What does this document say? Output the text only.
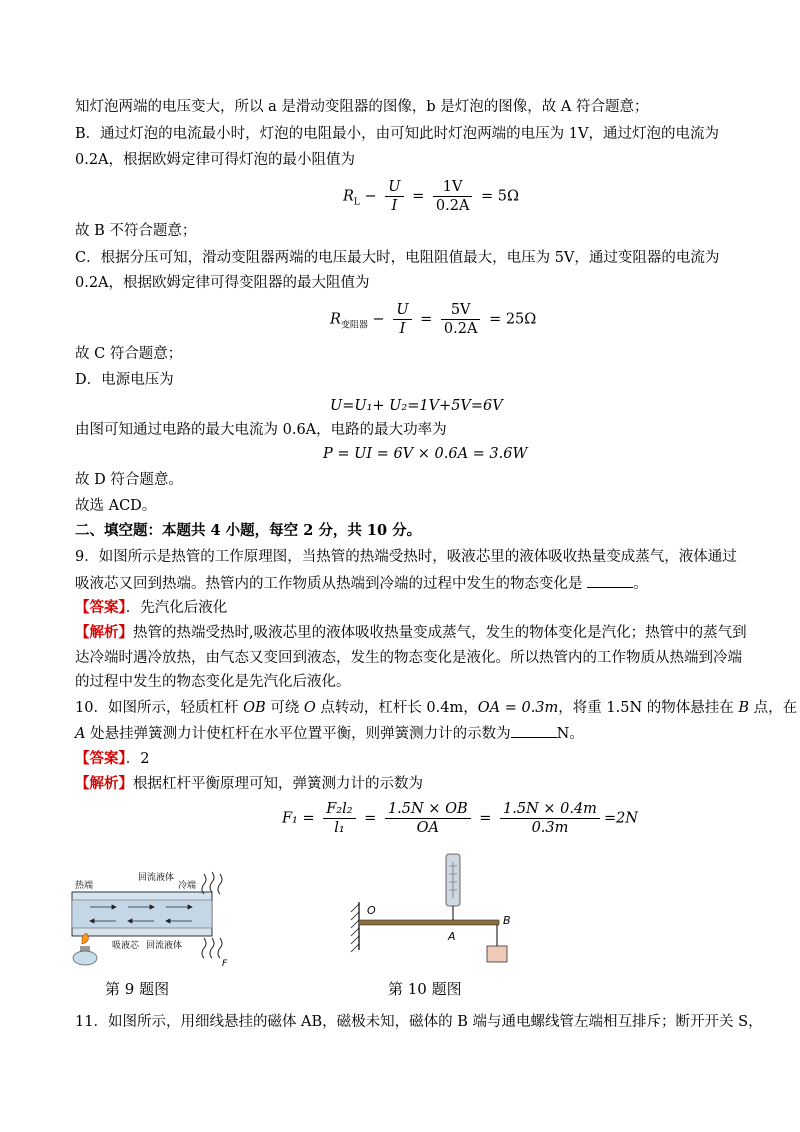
知灯泡两端的电压变大，所以 a 是滑动变阻器的图像，b 是灯泡的图像，故 A 符合题意；
B．通过灯泡的电流最小时，灯泡的电阻最小，由可知此时灯泡两端的电压为 1V，通过灯泡的电流为
0.2A，根据欧姆定律可得灯泡的最小阻值为
$R_L - \frac{U}{I} = \frac{1V}{0.2A} = 5\Omega$
故 B 不符合题意；
C．根据分压可知，滑动变阻器两端的电压最大时，电阻阻值最大，电压为 5V，通过变阻器的电流为
0.2A，根据欧姆定律可得变阻器的最大阻值为
$R_{变阻器} - \frac{U}{I} = \frac{5V}{0.2A} = 25\Omega$
故 C 符合题意；
D．电源电压为
U=U₁+ U₂=1V+5V=6V
由图可知通过电路的最大电流为 0.6A，电路的最大功率为
P = UI = 6V × 0.6A = 3.6W
故 D 符合题意。
故选 ACD。
二、填空题：本题共 4 小题，每空 2 分，共 10 分。
9．如图所示是热管的工作原理图，当热管的热端受热时，吸液芯里的液体吸收热量变成蒸气，液体通过
吸液芯又回到热端。热管内的工作物质从热端到冷端的过程中发生的物态变化是	。
【答案】．先汽化后液化
【解析】热管的热端受热时,吸液芯里的液体吸收热量变成蒸气，发生的物体变化是汽化；热管中的蒸气到
达冷端时遇冷放热，由气态又变回到液态，发生的物态变化是液化。所以热管内的工作物质从热端到冷端
的过程中发生的物态变化是先汽化后液化。
10．如图所示，轻质杠杆 OB 可绕 O 点转动，杠杆长 0.4m，OA = 0.3m，将重 1.5N 的物体悬挂在 B 点，在
A 处悬挂弹簧测力计使杠杆在水平位置平衡，则弹簧测力计的示数为	N。
【答案】．2
【解析】根据杠杆平衡原理可知，弹簧测力计的示数为
$F_1 = \frac{\text{F₂l₂}}{\text{l₁}} = \frac{1.5N \times OB}{OA} = \frac{1.5N \times 0.4m}{0.3m} =2N$
热端
回流液体
冷端
吸液芯 回流液体
F
O
A
B
第 9 题图	第 10 题图
11．如图所示，用细线悬挂的磁体 AB，磁极未知，磁体的 B 端与通电螺线管左端相互排斥；断开开关 S，
